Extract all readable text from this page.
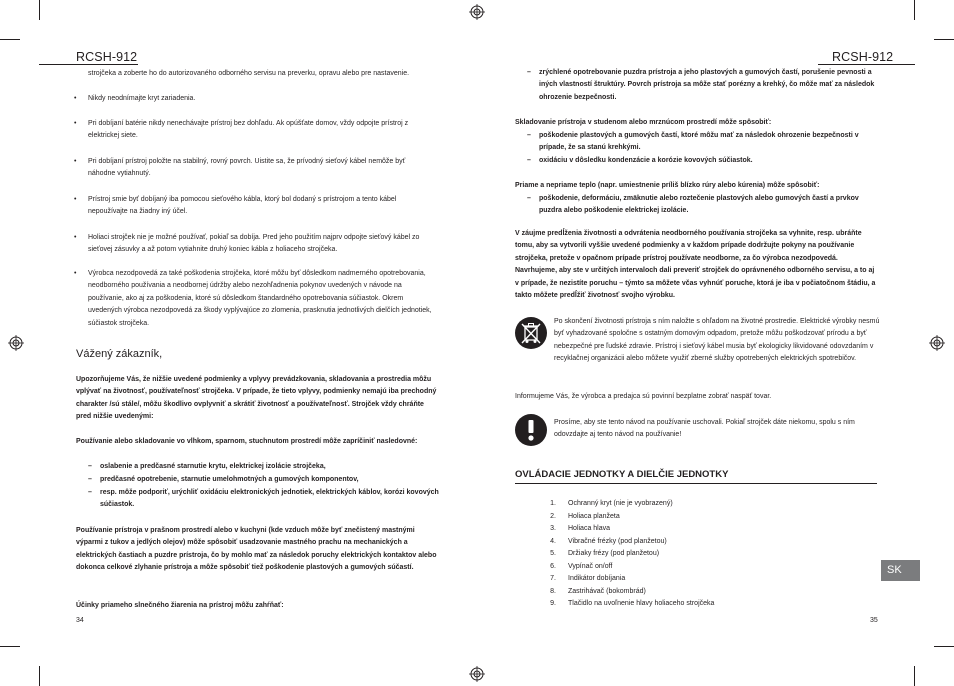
RCSH-912	RCSH-912
strojčeka a zoberte ho do autorizovaného odborného servisu na preverku, opravu alebo pre nastavenie.
• Nikdy neodnímajte kryt zariadenia.
• Pri dobíjaní batérie nikdy nenechávajte prístroj bez dohľadu. Ak opúšťate domov, vždy odpojte prístroj z elektrickej siete.
• Pri dobíjaní prístroj položte na stabilný, rovný povrch. Uistite sa, že prívodný sieťový kábel nemôže byť náhodne vytiahnutý.
• Prístroj smie byť dobíjaný iba pomocou sieťového kábla, ktorý bol dodaný s prístrojom a tento kábel nepoužívajte na žiadny iný účel.
• Holiaci strojček nie je možné používať, pokiaľ sa dobíja. Pred jeho použitím najprv odpojte sieťový kábel zo sieťovej zásuvky a až potom vytiahnite druhý koniec kábla z holiaceho strojčeka.
• Výrobca nezodpovedá za také poškodenia strojčeka, ktoré môžu byť dôsledkom nadmerného opotrebovania, neodborného používania a neodbornej údržby alebo nezohľadnenia pokynov uvedených v návode na používanie, ako aj za poškodenia, ktoré sú dôsledkom štandardného opotrebovania súčiastok. Okrem uvedených výrobca nezodpovedá za škody vyplývajúce zo zlomenia, prasknutia jednotlivých dielčích jednotiek, súčiastok strojčeka.
Vážený zákazník,
Upozorňujeme Vás, že nižšie uvedené podmienky a vplyvy prevádzkovania, skladovania a prostredia môžu vplývať na životnosť, používateľnosť strojčeka. V prípade, že tieto vplyvy, podmienky nemajú iba prechodný charakter /sú stále/, môžu škodlivo ovplyvniť a skrátiť životnosť a používateľnosť. Strojček vždy chráňte pred nižšie uvedenými:
Používanie alebo skladovanie vo vlhkom, sparnom, stuchnutom prostredí môže zapríčiniť nasledovné:
– oslabenie a predčasné starnutie krytu, elektrickej izolácie strojčeka,
– predčasné opotrebenie, starnutie umelohmotných a gumových komponentov,
– resp. môže podporiť, urýchliť oxidáciu elektronických jednotiek, elektrických káblov, korózi kovových súčiastok.
Používanie prístroja v prašnom prostredí alebo v kuchyni (kde vzduch môže byť znečistený mastnými výparmi z tukov a jedlých olejov) môže spôsobiť usadzovanie mastného prachu na mechanických a elektrických častiach a puzdre prístroja, čo by mohlo mať za následok poruchy elektrických kontaktov alebo dokonca celkové zlyhanie prístroja a môže spôsobiť tiež poškodenie plastových a gumových súčastí.
Účinky priameho slnečného žiarenia na prístroj môžu zahŕňať:
34
– zrýchlené opotrebovanie puzdra prístroja a jeho plastových a gumových častí, porušenie pevnosti a iných vlastností štruktúry. Povrch prístroja sa môže stať porézny a krehký, čo môže mať za následok ohrozenie bezpečnosti.
Skladovanie prístroja v studenom alebo mrznúcom prostredí môže spôsobiť:
– poškodenie plastových a gumových častí, ktoré môžu mať za následok ohrozenie bezpečnosti v prípade, že sa stanú krehkými.
– oxidáciu v dôsledku kondenzácie a korózie kovových súčiastok.
Priame a nepriame teplo (napr. umiestnenie príliš blízko rúry alebo kúrenia) môže spôsobiť:
– poškodenie, deformáciu, zmäknutie alebo roztečenie plastových alebo gumových častí a prvkov puzdra alebo poškodenie elektrickej izolácie.
V záujme predĺženia životnosti a odvrátenia neodborného používania strojčeka sa vyhnite, resp. ubráňte tomu, aby sa vytvorili vyššie uvedené podmienky a v každom prípade dodržujte pokyny na používanie strojčeka, pretože v opačnom prípade prístroj používate neodborne, za čo výrobca nezodpovedá. Navrhujeme, aby ste v určitých intervaloch dali preveriť strojček do oprávneného odborného servisu, a to aj v prípade, že nezistíte poruchu – týmto sa môžete včas vyhnúť poruche, ktorá je iba v počiatočnom štádiu, a takto môžete predĺžiť životnosť svojho výrobku.
Po skončení životnosti prístroja s ním naložte s ohľadom na životné prostredie. Elektrické výrobky nesmú byť vyhadzované spoločne s ostatným domovým odpadom, pretože môžu poškodzovať prírodu a byť nebezpečné pre ľudské zdravie. Prístroj i sieťový kábel musia byť ekologicky likvidované odovzdaním v recyklačnej organizácii alebo môžete využiť zberné služby opotrebených elektrických spotrebičov.
Informujeme Vás, že výrobca a predajca sú povinní bezplatne zobrať naspäť tovar.
Prosíme, aby ste tento návod na používanie uschovali. Pokiaľ strojček dáte niekomu, spolu s ním odovzdajte aj tento návod na používanie!
OVLÁDACIE JEDNOTKY A DIELČIE JEDNOTKY
1. Ochranný kryt (nie je vyobrazený)
2. Holiaca planžeta
3. Holiaca hlava
4. Vibračné frézky (pod planžetou)
5. Držiaky frézy (pod planžetou)
6. Vypínač on/off
7. Indikátor dobíjania
8. Zastrihávač (bokombrád)
9. Tlačidlo na uvoľnenie hlavy holiaceho strojčeka
SK
35
